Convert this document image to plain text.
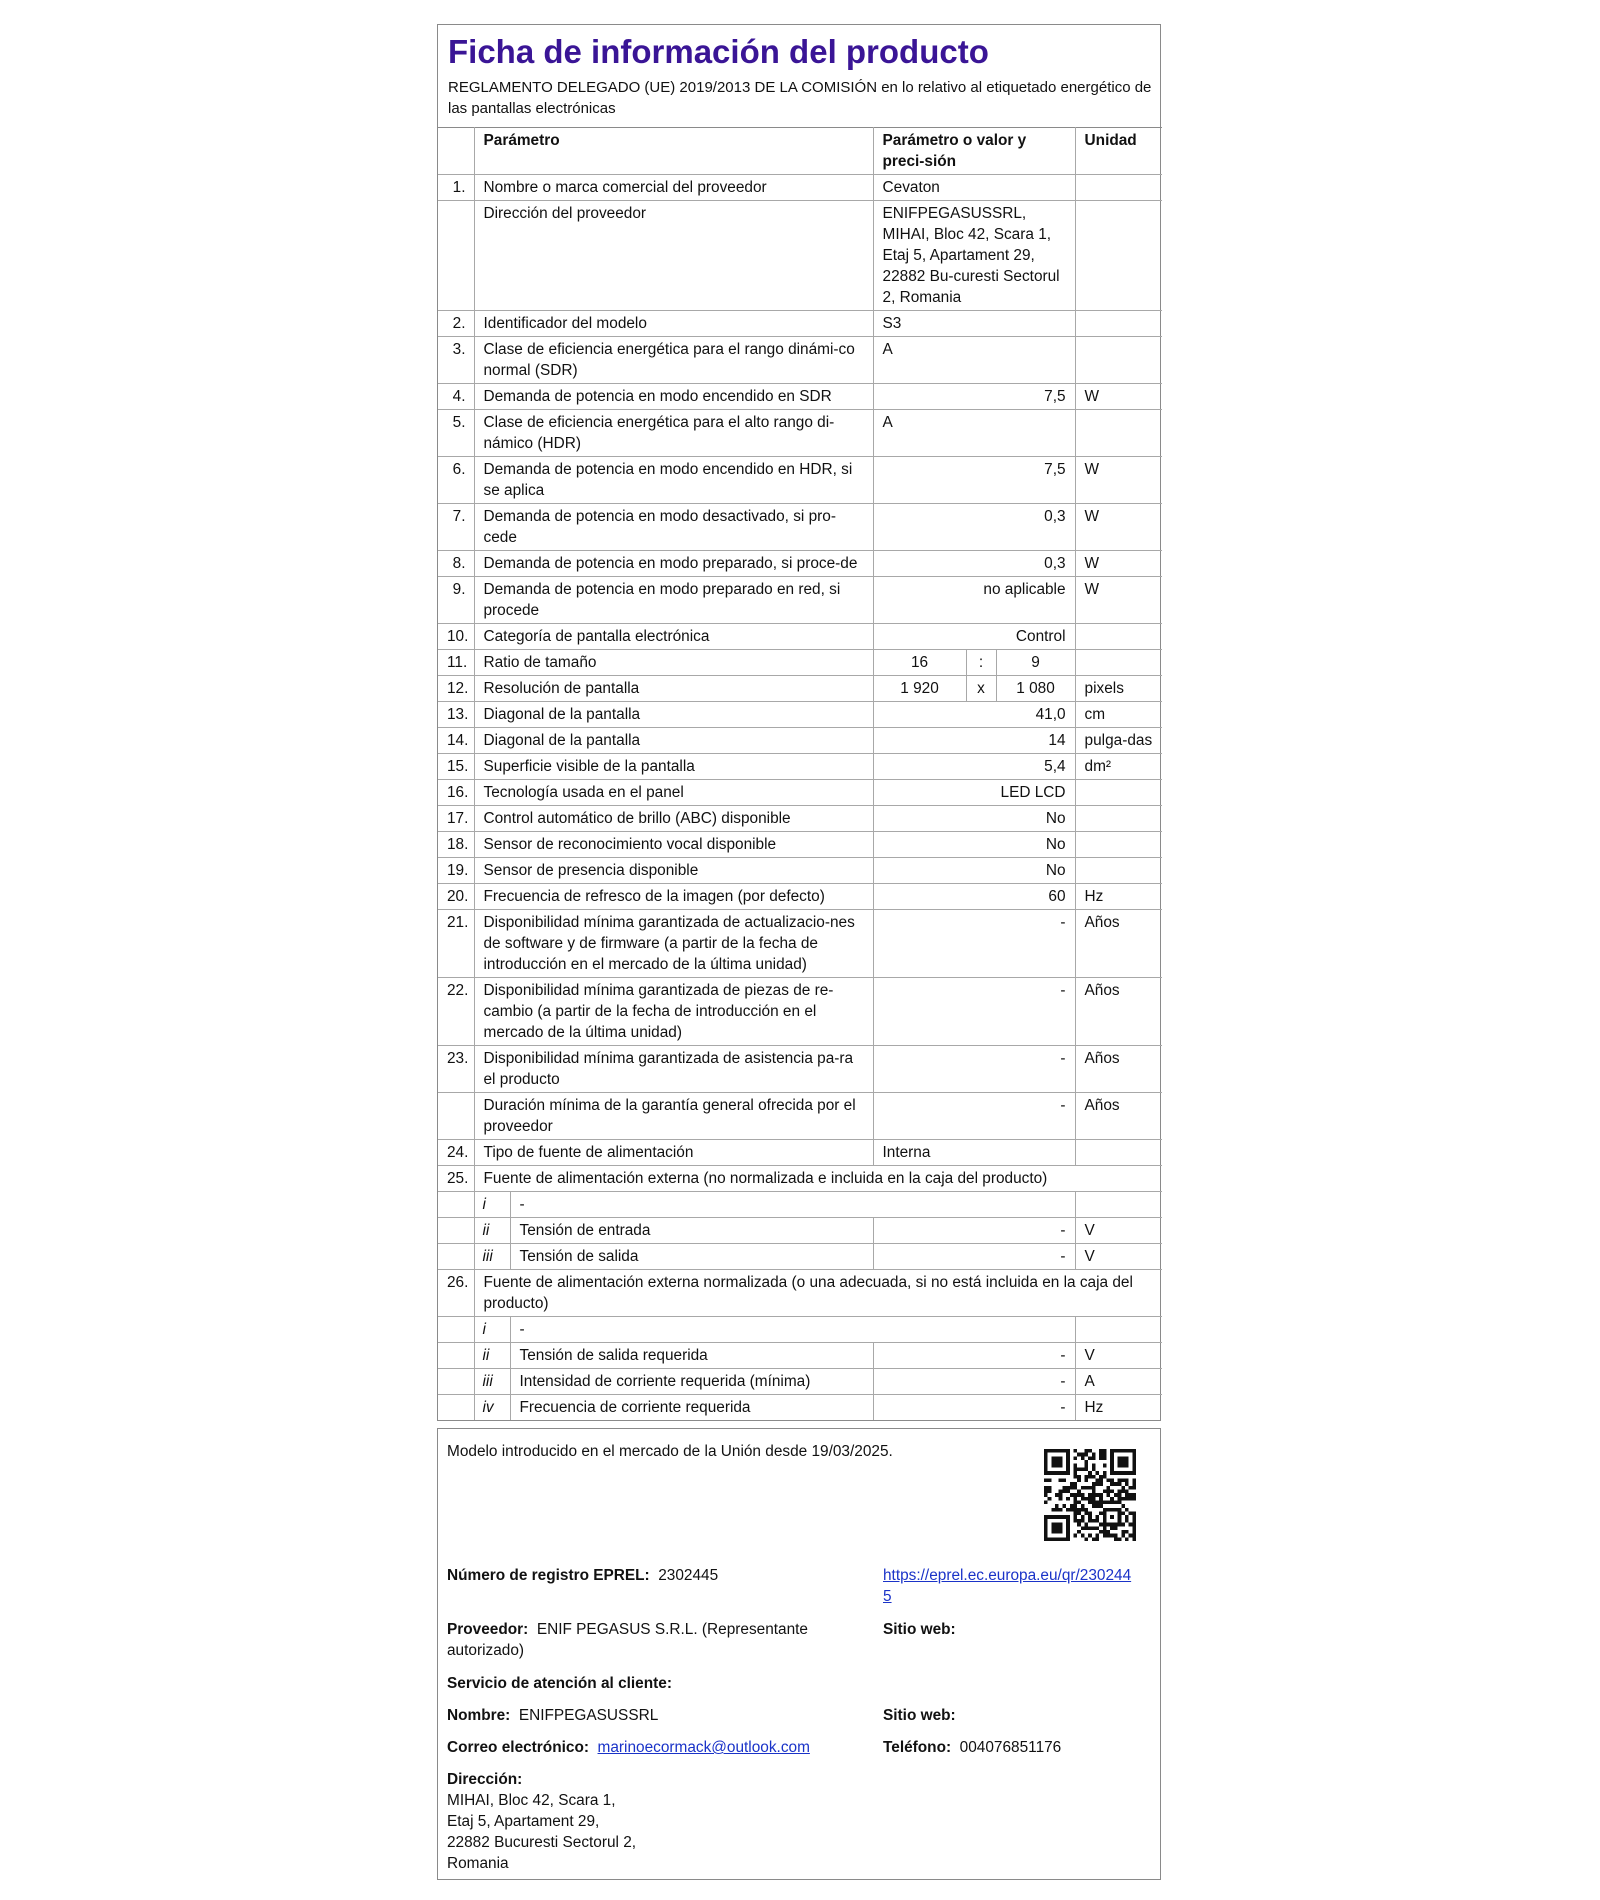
Ficha de información del producto
REGLAMENTO DELEGADO (UE) 2019/2013 DE LA COMISIÓN en lo relativo al etiquetado energético de las pantallas electrónicas
	Parámetro		Parámetro o valor y preci-sión			Unidad
1.	Nombre o marca comercial del proveedor		Cevaton			
	Dirección del proveedor		ENIFPEGASUSSRL, MIHAI, Bloc 42, Scara 1, Etaj 5, Apartament 29, 22882 Bu-curesti Sectorul 2, Romania			
2.	Identificador del modelo		S3			
3.	Clase de eficiencia energética para el rango dinámi-co normal (SDR)		A			
4.	Demanda de potencia en modo encendido en SDR		7,5			W
5.	Clase de eficiencia energética para el alto rango di-námico (HDR)		A			
6.	Demanda de potencia en modo encendido en HDR, si se aplica		7,5			W
7.	Demanda de potencia en modo desactivado, si pro-cede		0,3			W
8.	Demanda de potencia en modo preparado, si proce-de		0,3			W
9.	Demanda de potencia en modo preparado en red, si procede		no aplicable			W
10.	Categoría de pantalla electrónica		Control			
11.	Ratio de tamaño		16	:	9	
12.	Resolución de pantalla		1 920	x	1 080	pixels
13.	Diagonal de la pantalla		41,0			cm
14.	Diagonal de la pantalla		14			pulga-das
15.	Superficie visible de la pantalla		5,4			dm²
16.	Tecnología usada en el panel		LED LCD			
17.	Control automático de brillo (ABC) disponible		No			
18.	Sensor de reconocimiento vocal disponible		No			
19.	Sensor de presencia disponible		No			
20.	Frecuencia de refresco de la imagen (por defecto)		60			Hz
21.	Disponibilidad mínima garantizada de actualizacio-nes de software y de firmware (a partir de la fecha de introducción en el mercado de la última unidad)		-			Años
22.	Disponibilidad mínima garantizada de piezas de re-cambio (a partir de la fecha de introducción en el mercado de la última unidad)		-			Años
23.	Disponibilidad mínima garantizada de asistencia pa-ra el producto		-			Años
	Duración mínima de la garantía general ofrecida por el proveedor		-			Años
24.	Tipo de fuente de alimentación		Interna			
25.	Fuente de alimentación externa (no normalizada e incluida en la caja del producto)					
	i	-				
	ii	Tensión de entrada	-			V
	iii	Tensión de salida	-			V
26.	Fuente de alimentación externa normalizada (o una adecuada, si no está incluida en la caja del producto)					
	i	-				
	ii	Tensión de salida requerida	-			V
	iii	Intensidad de corriente requerida (mínima)	-			A
	iv	Frecuencia de corriente requerida	-			Hz
Modelo introducido en el mercado de la Unión desde 19/03/2025.
Número de registro EPREL: 2302445	https://eprel.ec.europa.eu/qr/2302445
Proveedor: ENIF PEGASUS S.R.L. (Representante autorizado)
Sitio web:
Servicio de atención al cliente:
Nombre: ENIFPEGASUSSRL	Sitio web:
Correo electrónico: marinoecormack@outlook.com	Teléfono: 004076851176
Dirección:
MIHAI, Bloc 42, Scara 1,
Etaj 5, Apartament 29,
22882 Bucuresti Sectorul 2,
Romania
